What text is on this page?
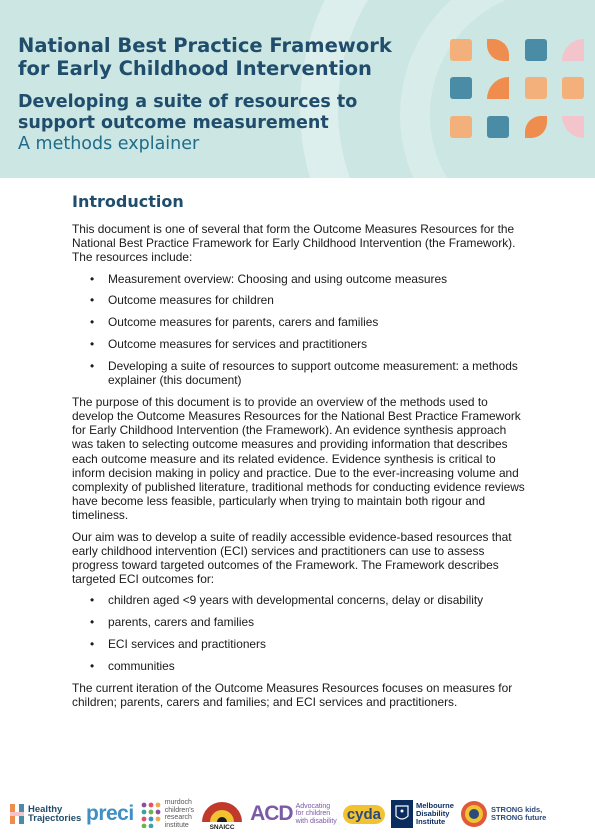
National Best Practice Framework for Early Childhood Intervention
Developing a suite of resources to support outcome measurement
A methods explainer
Introduction

This document is one of several that form the Outcome Measures Resources for the National Best Practice Framework for Early Childhood Intervention (the Framework). The resources include:

• Measurement overview: Choosing and using outcome measures
• Outcome measures for children
• Outcome measures for parents, carers and families
• Outcome measures for services and practitioners
• Developing a suite of resources to support outcome measurement: a methods explainer (this document)

The purpose of this document is to provide an overview of the methods used to develop the Outcome Measures Resources for the National Best Practice Framework for Early Childhood Intervention (the Framework). An evidence synthesis approach was taken to selecting outcome measures and providing information that describes each outcome measure and its related evidence. Evidence synthesis is critical to inform decision making in policy and practice. Due to the ever-increasing volume and complexity of published literature, traditional methods for conducting evidence reviews have become less feasible, particularly when trying to maintain both rigour and timeliness.

Our aim was to develop a suite of readily accessible evidence-based resources that early childhood intervention (ECI) services and practitioners can use to assess progress toward targeted outcomes of the Framework. The Framework describes targeted ECI outcomes for:

• children aged <9 years with developmental concerns, delay or disability
• parents, carers and families
• ECI services and practitioners
• communities

The current iteration of the Outcome Measures Resources focuses on measures for children; parents, carers and families; and ECI services and practitioners.

Healthy Trajectories preci	murdoch
children's
research
institute	SNAICC
ACD Advocating
for children
with disability cyda	Melbourne
Disability
Institute
STRONG kids,
STRONG future
